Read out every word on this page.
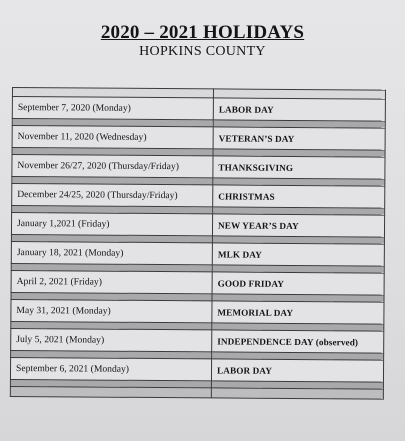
2020 – 2021 HOLIDAYS
HOPKINS COUNTY

September 7, 2020 (Monday)	LABOR DAY

November 11, 2020 (Wednesday)	VETERAN’S DAY

November 26/27, 2020 (Thursday/Friday)	THANKSGIVING

December 24/25, 2020 (Thursday/Friday)	CHRISTMAS

January 1,2021 (Friday)	NEW YEAR’S DAY

January 18, 2021 (Monday)	MLK DAY

April 2, 2021 (Friday)	GOOD FRIDAY

May 31, 2021 (Monday)	MEMORIAL DAY

July 5, 2021 (Monday)	INDEPENDENCE DAY (observed)

September 6, 2021 (Monday)	LABOR DAY
